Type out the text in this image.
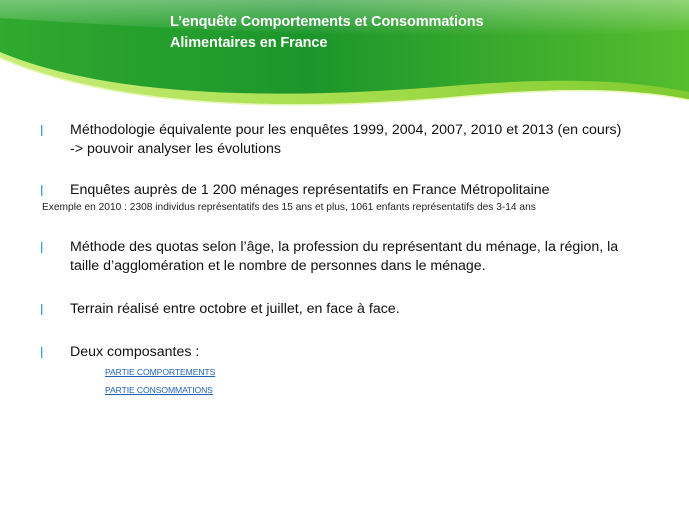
L’enquête Comportements et Consommations
Alimentaires en France
l Méthodologie équivalente pour les enquêtes 1999, 2004, 2007, 2010 et 2013 (en cours) -> pouvoir analyser les évolutions
l Enquêtes auprès de 1 200 ménages représentatifs en France Métropolitaine
Exemple en 2010 : 2308 individus représentatifs des 15 ans et plus, 1061 enfants représentatifs des 3-14 ans
l Méthode des quotas selon l’âge, la profession du représentant du ménage, la région, la taille d’agglomération et le nombre de personnes dans le ménage.
l Terrain réalisé entre octobre et juillet, en face à face.
l Deux composantes :
PARTIE COMPORTEMENTS
PARTIE CONSOMMATIONS
